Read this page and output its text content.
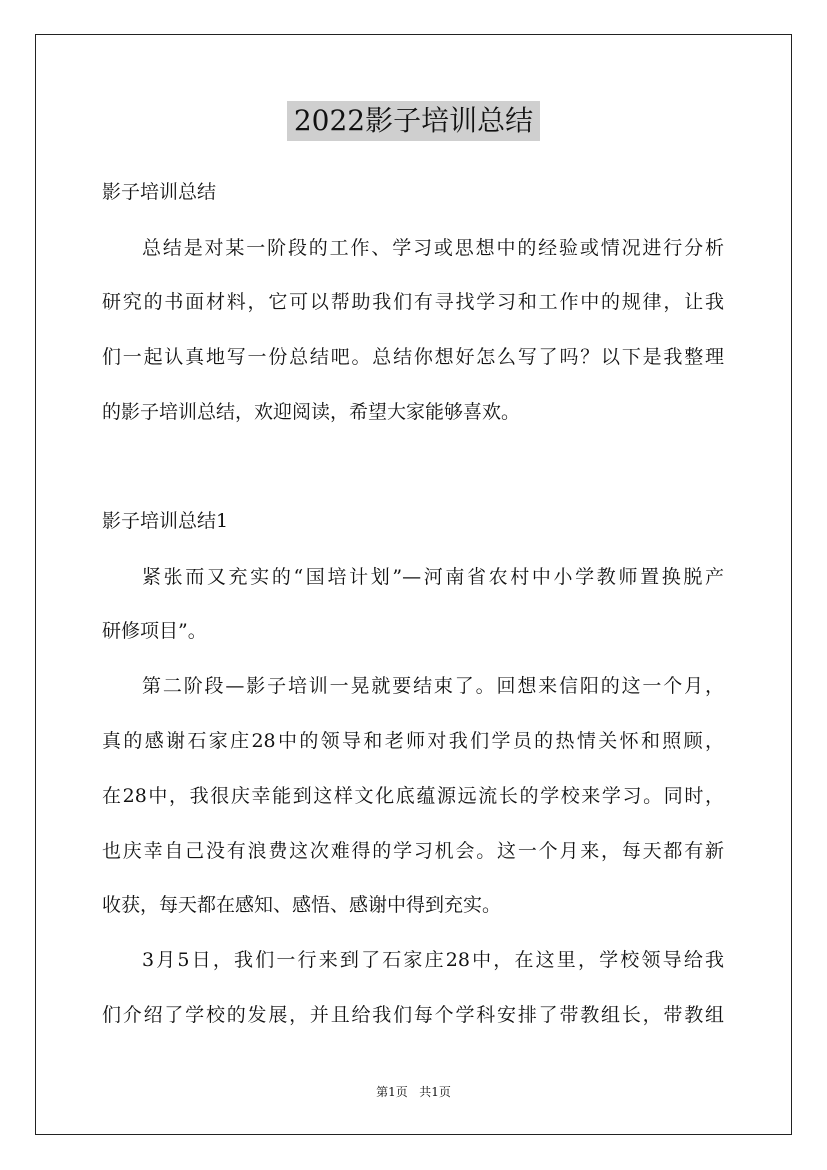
2022影子培训总结
影子培训总结
总结是对某一阶段的工作、学习或思想中的经验或情况进行分析
研究的书面材料，它可以帮助我们有寻找学习和工作中的规律，让我
们一起认真地写一份总结吧。总结你想好怎么写了吗？以下是我整理
的影子培训总结，欢迎阅读，希望大家能够喜欢。
影子培训总结1
紧张而又充实的“国培计划”—河南省农村中小学教师置换脱产
研修项目”。
第二阶段—影子培训一晃就要结束了。回想来信阳的这一个月，
真的感谢石家庄28中的领导和老师对我们学员的热情关怀和照顾，
在28中，我很庆幸能到这样文化底蕴源远流长的学校来学习。同时，
也庆幸自己没有浪费这次难得的学习机会。这一个月来，每天都有新
收获，每天都在感知、感悟、感谢中得到充实。
3月5日，我们一行来到了石家庄28中，在这里，学校领导给我
们介绍了学校的发展，并且给我们每个学科安排了带教组长，带教组
第1页 共1页
